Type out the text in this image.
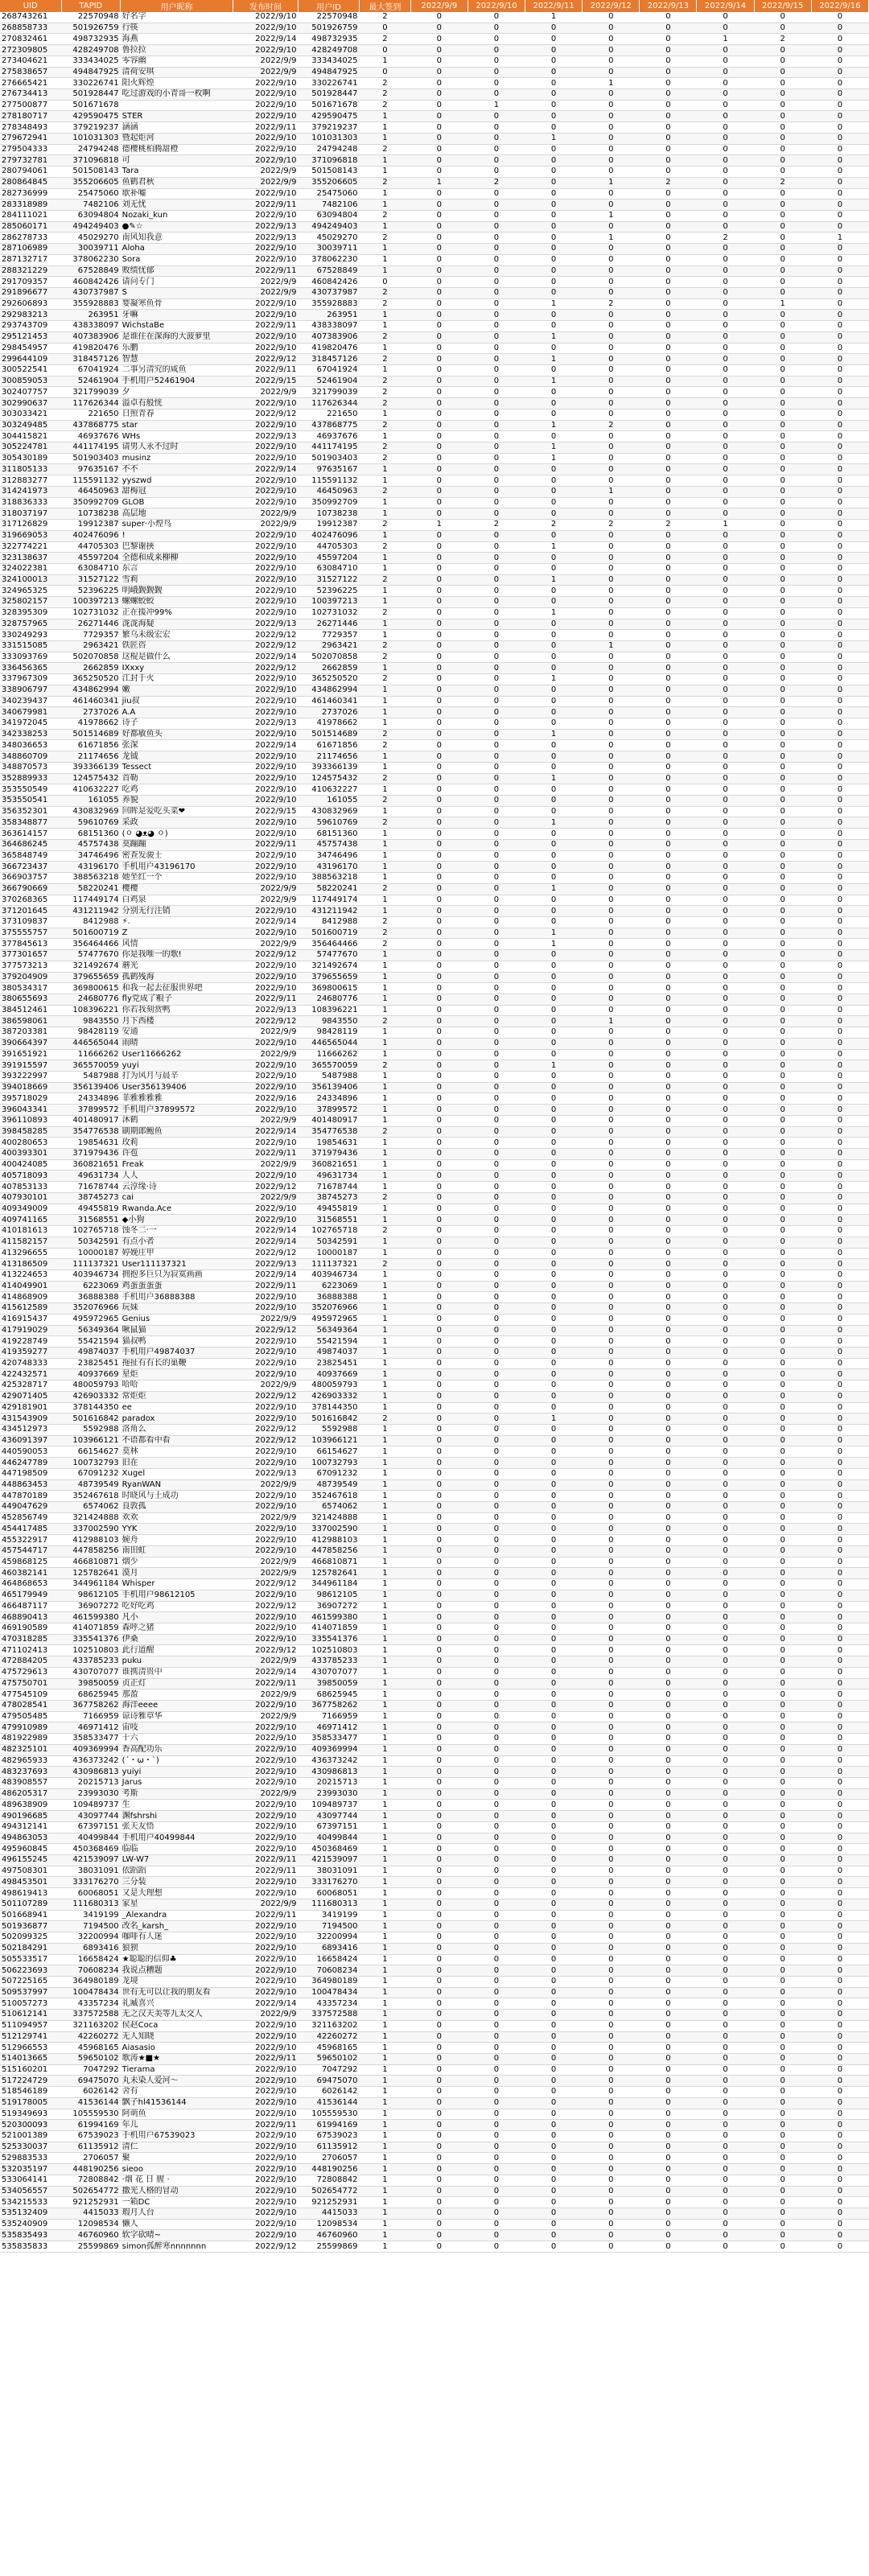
UID	TAPID	用户昵称	发布时间	用户ID	最大签到	2022/9/9	2022/9/10	2022/9/11	2022/9/12	2022/9/13	2022/9/14	2022/9/15	2022/9/16
268743261	22570948	好名字	2022/9/10	22570948	2	0	0	1	0	0	0	0	0
268858733	501926759	行筷	2022/9/10	501926759	0	0	0	0	0	0	0	0	0
270832461	498732935	海燕	2022/9/14	498732935	2	0	0	0	0	0	1	2	0
272309805	428249708	鲁拉拉	2022/9/10	428249708	0	0	0	0	0	0	0	0	0
273404621	333434025	零容幽	2022/9/9	333434025	1	0	0	0	0	0	0	0	0
275838657	494847925	清荷安琪	2022/9/9	494847925	0	0	0	0	0	0	0	0	0
276665421	330226741	阳火辉煌	2022/9/10	330226741	2	0	0	0	1	0	0	0	0
276734413	501928447	吃过游戏的小青哥一枚啊	2022/9/10	501928447	2	0	0	0	0	0	0	0	0
277500877	501671678		2022/9/10	501671678	2	0	1	0	0	0	0	0	0
278180717	429590475	STER	2022/9/10	429590475	1	0	0	0	0	0	0	0	0
278348493	379219237	涵涵	2022/9/11	379219237	1	0	0	0	0	0	0	0	0
279672941	101031303	暨起炬河	2022/9/10	101031303	1	0	0	1	0	0	0	0	0
279504333	24794248	德樱桃柏腾甜橙	2022/9/10	24794248	2	0	0	0	0	0	0	0	0
279732781	371096818	可	2022/9/10	371096818	1	0	0	0	0	0	0	0	0
280794061	501508143	Tara	2022/9/9	501508143	1	0	0	0	0	0	0	0	0
280864845	355206605	鱼鹤君秋	2022/9/9	355206605	2	1	2	0	1	2	0	2	0
282736999	25475060	歇补嘘	2022/9/10	25475060	1	0	0	0	0	0	0	0	0
283318989	7482106	刘无忧	2022/9/11	7482106	1	0	0	0	0	0	0	0	0
284111021	63094804	Nozaki_kun	2022/9/10	63094804	2	0	0	0	1	0	0	0	0
285060171	494249403	●✎☆	2022/9/13	494249403	1	0	0	0	0	0	0	0	0
286278733	45029270	南风知我意	2022/9/13	45029270	2	0	0	0	1	0	2	0	1
287106989	30039711	Aloha	2022/9/10	30039711	1	0	0	0	0	0	0	0	0
287132717	378062230	Sora	2022/9/10	378062230	1	0	0	0	0	0	0	0	0
288321229	67528849	败绩忧郁	2022/9/11	67528849	1	0	0	0	0	0	0	0	0
291709357	460842426	请问专门	2022/9/9	460842426	0	0	0	0	0	0	0	0	0
291896677	430737987	S	2022/9/9	430737987	2	0	0	0	0	0	0	0	0
292606893	355928883	婴凝寒鱼骨	2022/9/10	355928883	2	0	0	1	2	0	0	1	0
292983213	263951	牙嘛	2022/9/10	263951	1	0	0	0	0	0	0	0	0
293743709	438338097	WichstaBe	2022/9/11	438338097	1	0	0	0	0	0	0	0	0
295121453	407383906	是谁住在深海的大菠萝里	2022/9/10	407383906	2	0	0	1	0	0	0	0	0
298454957	419820476	乐鹏	2022/9/10	419820476	1	0	0	0	0	0	0	0	0
299644109	318457126	智慧	2022/9/12	318457126	2	0	0	1	0	0	0	0	0
300522541	67041924	二事另清究的咸鱼	2022/9/11	67041924	1	0	0	0	0	0	0	0	0
300859053	52461904	手机用户52461904	2022/9/15	52461904	2	0	0	1	0	0	0	0	0
302407757	321799039	夕	2022/9/9	321799039	2	0	0	0	0	0	0	0	0
302990637	117626344	溢卓有般恍	2022/9/10	117626344	2	0	0	0	0	0	0	0	0
303033421	221650	日照青春	2022/9/12	221650	1	0	0	0	0	0	0	0	0
303249485	437868775	star	2022/9/10	437868775	2	0	0	1	2	0	0	0	0
304415821	46937676	WHs	2022/9/13	46937676	1	0	0	0	0	0	0	0	0
305224781	441174195	请男人永不过时	2022/9/10	441174195	2	0	0	1	0	0	0	0	0
305430189	501903403	musinz	2022/9/10	501903403	2	0	0	1	0	0	0	0	0
311805133	97635167	不不	2022/9/14	97635167	1	0	0	0	0	0	0	0	0
312883277	115591132	yyszwd	2022/9/10	115591132	1	0	0	0	0	0	0	0	0
314241973	46450963	甜梅冠	2022/9/10	46450963	2	0	0	0	1	0	0	0	0
318836333	350992709	GLOB	2022/9/10	350992709	1	0	0	0	0	0	0	0	0
318037197	10738238	高层地	2022/9/9	10738238	1	0	0	0	0	0	0	0	0
317126829	19912387	super·小煌鸟	2022/9/9	19912387	2	1	2	2	2	2	1	0	0
319669053	402476096	!	2022/9/10	402476096	1	0	0	0	0	0	0	0	0
322774221	44705303	巴黎谢挾	2022/9/10	44705303	2	0	0	1	0	0	0	0	0
323138637	45597204	全德和成来柳柳	2022/9/10	45597204	1	0	0	0	0	0	0	0	0
324022381	63084710	东言	2022/9/10	63084710	1	0	0	0	0	0	0	0	0
324100013	31527122	雪莉	2022/9/10	31527122	2	0	0	1	0	0	0	0	0
324965325	52396225	明峨觐觐觐	2022/9/10	52396225	1	0	0	0	0	0	0	0	0
325802157	100397213	螺螺蛟蛟	2022/9/10	100397213	1	0	0	0	0	0	0	0	0
328395309	102731032	正在援冲99%	2022/9/10	102731032	2	0	0	1	0	0	0	0	0
328757965	26271446	泷泷海疑	2022/9/13	26271446	1	0	0	0	0	0	0	0	0
330249293	7729357	繁乌未级宏宏	2022/9/12	7729357	1	0	0	0	0	0	0	0	0
331515085	2963421	铁匠咨	2022/9/12	2963421	2	0	0	0	1	0	0	0	0
333093769	502070858	这棍是做什么	2022/9/14	502070858	2	0	0	0	0	0	0	0	0
336456365	2662859	IXxxy	2022/9/12	2662859	1	0	0	0	0	0	0	0	0
337967309	365250520	江封于火	2022/9/10	365250520	2	0	0	1	0	0	0	0	0
338906797	434862994	嫩	2022/9/10	434862994	1	0	0	0	0	0	0	0	0
340239437	461460341	jiu叔	2022/9/10	461460341	1	0	0	0	0	0	0	0	0
340679981	2737026	A.A	2022/9/10	2737026	1	0	0	0	0	0	0	0	0
341972045	41978662	诗子	2022/9/13	41978662	1	0	0	0	0	0	0	0	0
342338253	501514689	好都敏鱼头	2022/9/10	501514689	2	0	0	1	0	0	0	0	0
348036653	61671856	张深	2022/9/14	61671856	2	0	0	0	0	0	0	0	0
348860709	21174656	龙钺	2022/9/10	21174656	1	0	0	0	0	0	0	0	0
348870573	393366139	Tessect	2022/9/10	393366139	1	0	0	0	0	0	0	0	0
352889933	124575432	首勒	2022/9/10	124575432	2	0	0	1	0	0	0	0	0
353550549	410632227	吃鸡	2022/9/10	410632227	1	0	0	0	0	0	0	0	0
353550541	161055	养貌	2022/9/10	161055	2	0	0	0	0	0	0	0	0
356352301	430832969	回眸是爱吃头菜❤	2022/9/15	430832969	1	0	0	0	0	0	0	0	0
358348877	59610769	采政	2022/9/10	59610769	2	0	0	1	0	0	0	0	0
363614157	68151360	(ㅇ ◕ᴥ◕ ㅇ)	2022/9/10	68151360	1	0	0	0	0	0	0	0	0
364686245	45757438	莫蹦蹦	2022/9/11	45757438	1	0	0	0	0	0	0	0	0
365848749	34746496	密查发骏士	2022/9/10	34746496	1	0	0	0	0	0	0	0	0
366723437	43196170	手机用户43196170	2022/9/10	43196170	1	0	0	0	0	0	0	0	0
366903757	388563218	她坐红一个	2022/9/10	388563218	1	0	0	0	0	0	0	0	0
366790669	58220241	樱樱	2022/9/9	58220241	2	0	0	1	0	0	0	0	0
370268365	117449174	白鸡泉	2022/9/9	117449174	1	0	0	0	0	0	0	0	0
371201645	431211942	分别无行注销	2022/9/10	431211942	1	0	0	0	0	0	0	0	0
373109837	8412988	⚡.	2022/9/14	8412988	2	0	0	0	0	0	0	0	0
375555757	501600719	Z	2022/9/10	501600719	2	0	0	1	0	0	0	0	0
377845613	356464466	风情	2022/9/9	356464466	2	0	0	1	0	0	0	0	0
377301657	57477670	你是我唯一的歌!	2022/9/12	57477670	1	0	0	0	0	0	0	0	0
377573213	321492674	蘑光	2022/9/10	321492674	1	0	0	0	0	0	0	0	0
379204909	379655659	孤鹤残海	2022/9/10	379655659	1	0	0	0	0	0	0	0	0
380534317	369800615	和我一起去征服世界吧	2022/9/10	369800615	1	0	0	0	0	0	0	0	0
380655693	24680776	fly党成了粮子	2022/9/11	24680776	1	0	0	0	0	0	0	0	0
384512461	108396221	你若我刻赏鸭	2022/9/13	108396221	1	0	0	0	0	0	0	0	0
386598061	9843550	月下西楼	2022/9/12	9843550	2	0	0	0	1	0	0	0	0
387203381	98428119	安通	2022/9/9	98428119	1	0	0	0	0	0	0	0	0
390664397	446565044	雨晴	2022/9/10	446565044	1	0	0	0	0	0	0	0	0
391651921	11666262	User11666262	2022/9/9	11666262	1	0	0	0	0	0	0	0	0
391915597	365570059	yuyi	2022/9/10	365570059	2	0	0	1	0	0	0	0	0
393222997	5487988	打为风月与晨辛	2022/9/10	5487988	1	0	0	0	0	0	0	0	0
394018669	356139406	User356139406	2022/9/10	356139406	1	0	0	0	0	0	0	0	0
395718029	24334896	菲雅雅雅雅	2022/9/16	24334896	1	0	0	0	0	0	0	0	0
396043341	37899572	手机用户37899572	2022/9/10	37899572	1	0	0	0	0	0	0	0	0
396110893	401480917	沐鹤	2022/9/9	401480917	1	0	0	0	0	0	0	0	0
398458285	354776538	刷期郎鲍鱼	2022/9/14	354776538	2	0	0	0	0	0	0	0	0
400280653	19854631	玫莉	2022/9/10	19854631	1	0	0	0	0	0	0	0	0
400393301	371979436	许苞	2022/9/11	371979436	1	0	0	0	0	0	0	0	0
400424085	360821651	Freak	2022/9/9	360821651	1	0	0	0	0	0	0	0	0
405718093	49631734	人人	2022/9/10	49631734	1	0	0	0	0	0	0	0	0
407853133	71678744	云淳缘·诗	2022/9/12	71678744	1	0	0	0	0	0	0	0	0
407930101	38745273	cai	2022/9/9	38745273	2	0	0	0	0	0	0	0	0
409349009	49455819	Rwanda.Ace	2022/9/10	49455819	1	0	0	0	0	0	0	0	0
409741165	31568551	◆小狗	2022/9/10	31568551	1	0	0	0	0	0	0	0	0
410181613	102765718	蚀冬二·一	2022/9/14	102765718	2	0	0	0	0	0	0	0	0
411582157	50342591	有点小者	2022/9/14	50342591	1	0	0	0	0	0	0	0	0
413296655	10000187	婷娩庄甲	2022/9/12	10000187	1	0	0	0	0	0	0	0	0
413186509	111137321	User111137321	2022/9/13	111137321	2	0	0	0	0	0	0	0	0
413224653	403946734	拥抱多巨只为寂寞画画	2022/9/14	403946734	1	0	0	0	0	0	0	0	0
414049901	6223069	鸡蛋蛋蛋蛋	2022/9/11	6223069	1	0	0	0	0	0	0	0	0
414868909	36888388	手机用户36888388	2022/9/10	36888388	1	0	0	0	0	0	0	0	0
415612589	352076966	玩妹	2022/9/10	352076966	1	0	0	0	0	0	0	0	0
416915437	495972965	Genius	2022/9/9	495972965	1	0	0	0	0	0	0	0	0
417919029	56349364	啾鼠猫	2022/9/12	56349364	1	0	0	0	0	0	0	0	0
419228749	55421594	猫叔鸭	2022/9/10	55421594	1	0	0	0	0	0	0	0	0
419359277	49874037	手机用户49874037	2022/9/10	49874037	1	0	0	0	0	0	0	0	0
420748333	23825451	拖扯有有长的巢鞭	2022/9/10	23825451	1	0	0	0	0	0	0	0	0
422432571	40937669	星炬	2022/9/10	40937669	1	0	0	0	0	0	0	0	0
425328717	480059793	哈哈	2022/9/9	480059793	1	0	0	0	0	0	0	0	0
429071405	426903332	常炬炬	2022/9/12	426903332	1	0	0	0	0	0	0	0	0
429181901	378144350	ee	2022/9/10	378144350	1	0	0	0	0	0	0	0	0
431543909	501616842	paradox	2022/9/10	501616842	2	0	0	1	0	0	0	0	0
434512973	5592988	洛角么	2022/9/12	5592988	1	0	0	0	0	0	0	0	0
436091397	103966121	不语都看中看	2022/9/12	103966121	1	0	0	0	0	0	0	0	0
440590053	66154627	莫林	2022/9/10	66154627	1	0	0	0	0	0	0	0	0
446247789	100732793	旧在	2022/9/10	100732793	1	0	0	0	0	0	0	0	0
447198509	67091232	Xugel	2022/9/13	67091232	1	0	0	0	0	0	0	0	0
448863453	48739549	RyanWAN	2022/9/9	48739549	1	0	0	0	0	0	0	0	0
447870189	352467618	时晓风与土成功	2022/9/10	352467618	1	0	0	0	0	0	0	0	0
449047629	6574062	良敦孤	2022/9/10	6574062	1	0	0	0	0	0	0	0	0
452856749	321424888	欢欢	2022/9/9	321424888	1	0	0	0	0	0	0	0	0
454417485	337002590	YYK	2022/9/10	337002590	1	0	0	0	0	0	0	0	0
455322917	412988103	婉舟	2022/9/10	412988103	1	0	0	0	0	0	0	0	0
457544717	447858256	南田虹	2022/9/10	447858256	1	0	0	0	0	0	0	0	0
459868125	466810871	烟少	2022/9/9	466810871	1	0	0	0	0	0	0	0	0
460382141	125782641	漠月	2022/9/9	125782641	1	0	0	0	0	0	0	0	0
464868653	344961184	Whisper	2022/9/12	344961184	1	0	0	0	0	0	0	0	0
465179949	98612105	手机用户98612105	2022/9/10	98612105	1	0	0	0	0	0	0	0	0
466487117	36907272	吃好吃鸡	2022/9/12	36907272	1	0	0	0	0	0	0	0	0
468890413	461599380	凡小	2022/9/10	461599380	1	0	0	0	0	0	0	0	0
469190589	414071859	森呼之猪	2022/9/10	414071859	1	0	0	0	0	0	0	0	0
470318285	335541376	伊桑	2022/9/10	335541376	1	0	0	0	0	0	0	0	0
471102413	102510803	此行道醒	2022/9/12	102510803	1	0	0	0	0	0	0	0	0
472884205	433785233	puku	2022/9/9	433785233	1	0	0	0	0	0	0	0	0
475729613	430707077	谁携清贵中	2022/9/14	430707077	1	0	0	0	0	0	0	0	0
475750701	39850059	贞正灯	2022/9/11	39850059	1	0	0	0	0	0	0	0	0
477545109	68625945	那盈	2022/9/9	68625945	1	0	0	0	0	0	0	0	0
478028541	367758262	海洋eeee	2022/9/10	367758262	1	0	0	0	0	0	0	0	0
479505485	7166959	谅诗雅草华	2022/9/9	7166959	1	0	0	0	0	0	0	0	0
479910989	46971412	宙吱	2022/9/10	46971412	1	0	0	0	0	0	0	0	0
481922989	358533477	十六	2022/9/10	358533477	1	0	0	0	0	0	0	0	0
482325101	409369994	香高配功乐	2022/9/10	409369994	1	0	0	0	0	0	0	0	0
482965933	436373242	(´・ω・`)	2022/9/10	436373242	1	0	0	0	0	0	0	0	0
483237693	430986813	yuiyi	2022/9/10	430986813	1	0	0	0	0	0	0	0	0
483908557	20215713	Jarus	2022/9/10	20215713	1	0	0	0	0	0	0	0	0
486205317	23993030	考斯	2022/9/9	23993030	1	0	0	0	0	0	0	0	0
489638909	109489737	生	2022/9/10	109489737	1	0	0	0	0	0	0	0	0
490196685	43097744	渊fshrshi	2022/9/10	43097744	1	0	0	0	0	0	0	0	0
494312141	67397151	张天友悟	2022/9/10	67397151	1	0	0	0	0	0	0	0	0
494863053	40499844	手机用户40499844	2022/9/10	40499844	1	0	0	0	0	0	0	0	0
495960845	450368469	临临	2022/9/10	450368469	1	0	0	0	0	0	0	0	0
496155245	421539097	LW-W7	2022/9/11	421539097	1	0	0	0	0	0	0	0	0
497508301	38031091	依蹈蹈	2022/9/11	38031091	1	0	0	0	0	0	0	0	0
498453501	333176270	三分装	2022/9/10	333176270	1	0	0	0	0	0	0	0	0
498619413	60068051	又是大理想	2022/9/10	60068051	1	0	0	0	0	0	0	0	0
501107289	111680313	家星	2022/9/9	111680313	1	0	0	0	0	0	0	0	0
501668941	3419199	_Alexandra	2022/9/11	3419199	1	0	0	0	0	0	0	0	0
501936877	7194500	改名_karsh_	2022/9/10	7194500	1	0	0	0	0	0	0	0	0
502099325	32200994	咖啡有人迷	2022/9/10	32200994	1	0	0	0	0	0	0	0	0
502184291	6893416	狼狈	2022/9/10	6893416	1	0	0	0	0	0	0	0	0
505533517	16658424	★聪聪的信仰♣	2022/9/10	16658424	1	0	0	0	0	0	0	0	0
506223693	70608234	我说点糟题	2022/9/10	70608234	1	0	0	0	0	0	0	0	0
507225165	364980189	龙境	2022/9/10	364980189	1	0	0	0	0	0	0	0	0
509537997	100478434	世有无可以让我的朋友看	2022/9/10	100478434	1	0	0	0	0	0	0	0	0
510057273	43357234	礼臧喜兴	2022/9/14	43357234	1	0	0	0	0	0	0	0	0
510612141	337572588	无之汉天美等九太交人	2022/9/9	337572588	1	0	0	0	0	0	0	0	0
511094957	321163202	侯赵Coca	2022/9/10	321163202	1	0	0	0	0	0	0	0	0
512129741	42260272	无人知晓	2022/9/10	42260272	1	0	0	0	0	0	0	0	0
512966553	45968165	Aiasasio	2022/9/10	45968165	1	0	0	0	0	0	0	0	0
514013665	59650102	歌涛★■★	2022/9/11	59650102	1	0	0	0	0	0	0	0	0
515160201	7047292	Tierama	2022/9/10	7047292	1	0	0	0	0	0	0	0	0
517224729	69475070	丸未染人爱河～	2022/9/10	69475070	1	0	0	0	0	0	0	0	0
518546189	6026142	舍有	2022/9/10	6026142	1	0	0	0	0	0	0	0	0
519178005	41536144	飘子hl41536144	2022/9/10	41536144	1	0	0	0	0	0	0	0	0
519349693	105559530	阿萌鱼	2022/9/10	105559530	1	0	0	0	0	0	0	0	0
520300093	61994169	年儿	2022/9/11	61994169	1	0	0	0	0	0	0	0	0
521001389	67539023	手机用户67539023	2022/9/10	67539023	1	0	0	0	0	0	0	0	0
525330037	61135912	清仁	2022/9/10	61135912	1	0	0	0	0	0	0	0	0
529883533	2706057	聚	2022/9/10	2706057	1	0	0	0	0	0	0	0	0
532035197	448190256	sieoo	2022/9/10	448190256	1	0	0	0	0	0	0	0	0
533064141	72808842	·烟 花 日 腥 ·	2022/9/10	72808842	1	0	0	0	0	0	0	0	0
534056557	502654772	撒光人格的冒动	2022/9/10	502654772	1	0	0	0	0	0	0	0	0
534215533	921252931	一箱DC	2022/9/10	921252931	1	0	0	0	0	0	0	0	0
535132409	4415033	瑕月人台	2022/9/10	4415033	1	0	0	0	0	0	0	0	0
535240909	12098534	懒人	2022/9/10	12098534	1	0	0	0	0	0	0	0	0
535835493	46760960	软字砍晴~	2022/9/10	46760960	1	0	0	0	0	0	0	0	0
535835833	25599869	simon孤醉寒nnnnnnn	2022/9/12	25599869	1	0	0	0	0	0	0	0	0
